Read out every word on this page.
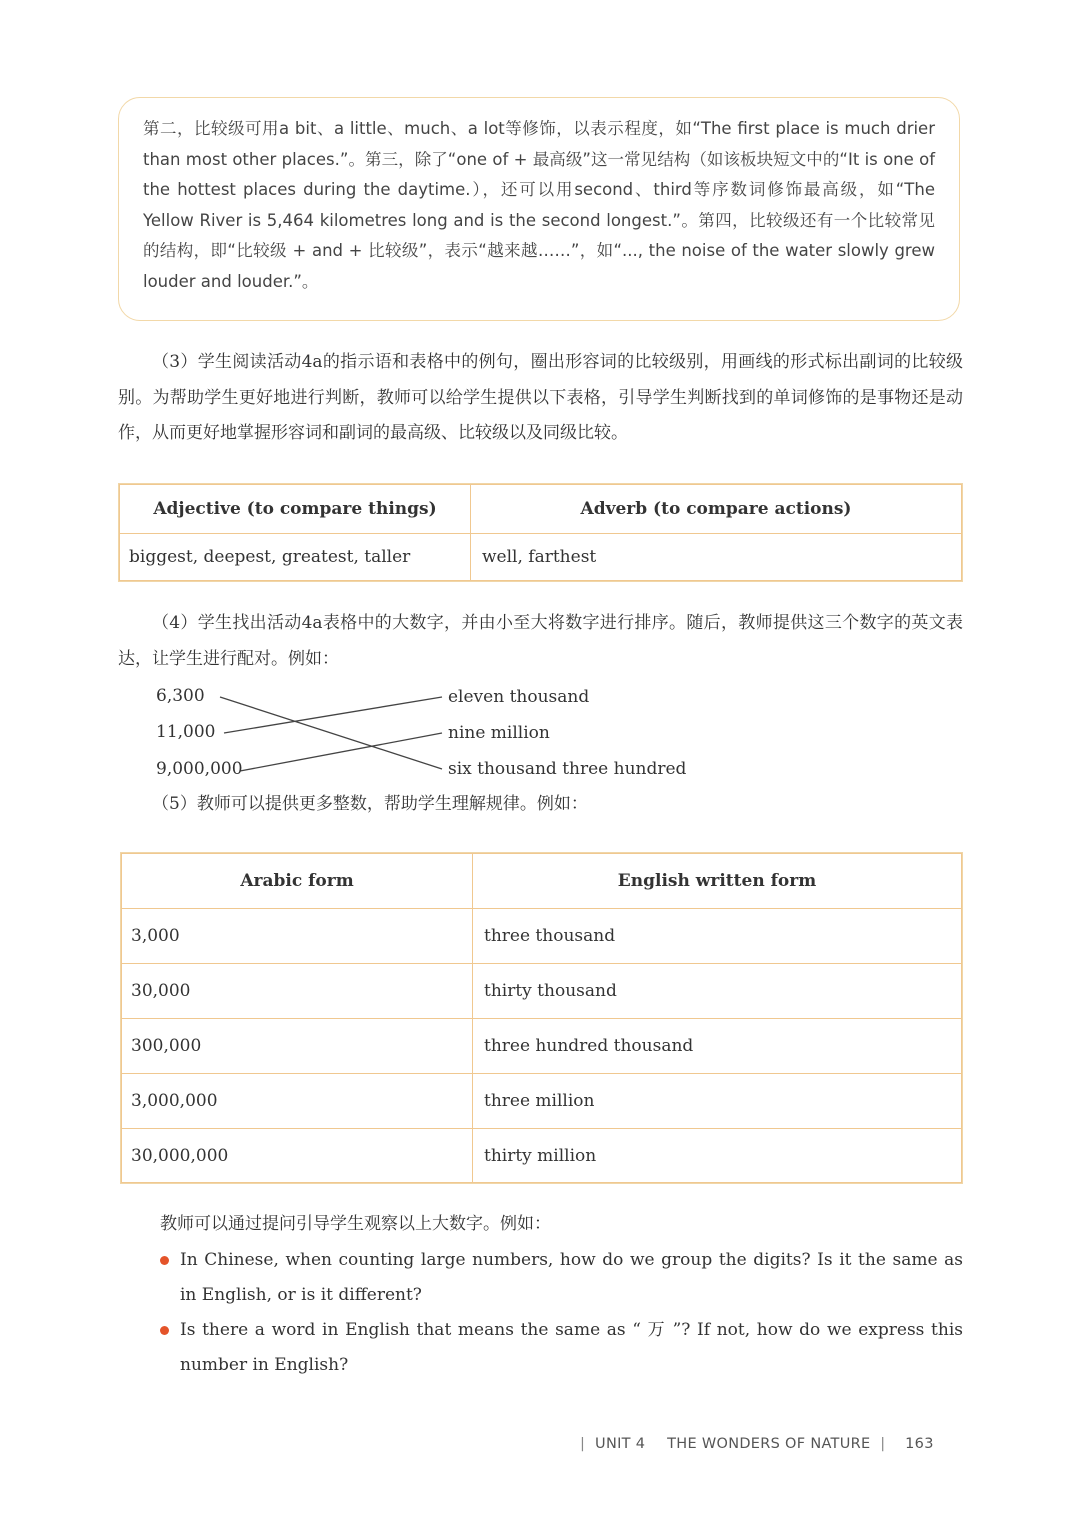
第二，比较级可用a bit、a little、much、a lot等修饰，以表示程度，如“The first place is much drier than most other places.”。第三，除了“one of + 最高级”这一常见结构（如该板块短文中的“It is one of the hottest places during the daytime.），还可以用second、third等序数词修饰最高级，如“The Yellow River is 5,464 kilometres long and is the second longest.”。第四，比较级还有一个比较常见的结构，即“比较级 + and + 比较级”，表示“越来越……”，如“..., the noise of the water slowly grew louder and louder.”。

（3）学生阅读活动4a的指示语和表格中的例句，圈出形容词的比较级别，用画线的形式标出副词的比较级别。为帮助学生更好地进行判断，教师可以给学生提供以下表格，引导学生判断找到的单词修饰的是事物还是动作，从而更好地掌握形容词和副词的最高级、比较级以及同级比较。

Adjective (to compare things)	Adverb (to compare actions)
biggest, deepest, greatest, taller	well, farthest

（4）学生找出活动4a表格中的大数字，并由小至大将数字进行排序。随后，教师提供这三个数字的英文表达，让学生进行配对。例如：

6,300
11,000
9,000,000
eleven thousand
nine million
six thousand three hundred

（5）教师可以提供更多整数，帮助学生理解规律。例如：

Arabic form	English written form
3,000	three thousand
30,000	thirty thousand
300,000	three hundred thousand
3,000,000	three million
30,000,000	thirty million
教师可以通过提问引导学生观察以上大数字。例如：
In Chinese, when counting large numbers, how do we group the digits? Is it the same as in English, or is it different?
Is there a word in English that means the same as “ 万 ”? If not, how do we express this number in English?
|  UNIT 4 THE WONDERS OF NATURE  |    163
